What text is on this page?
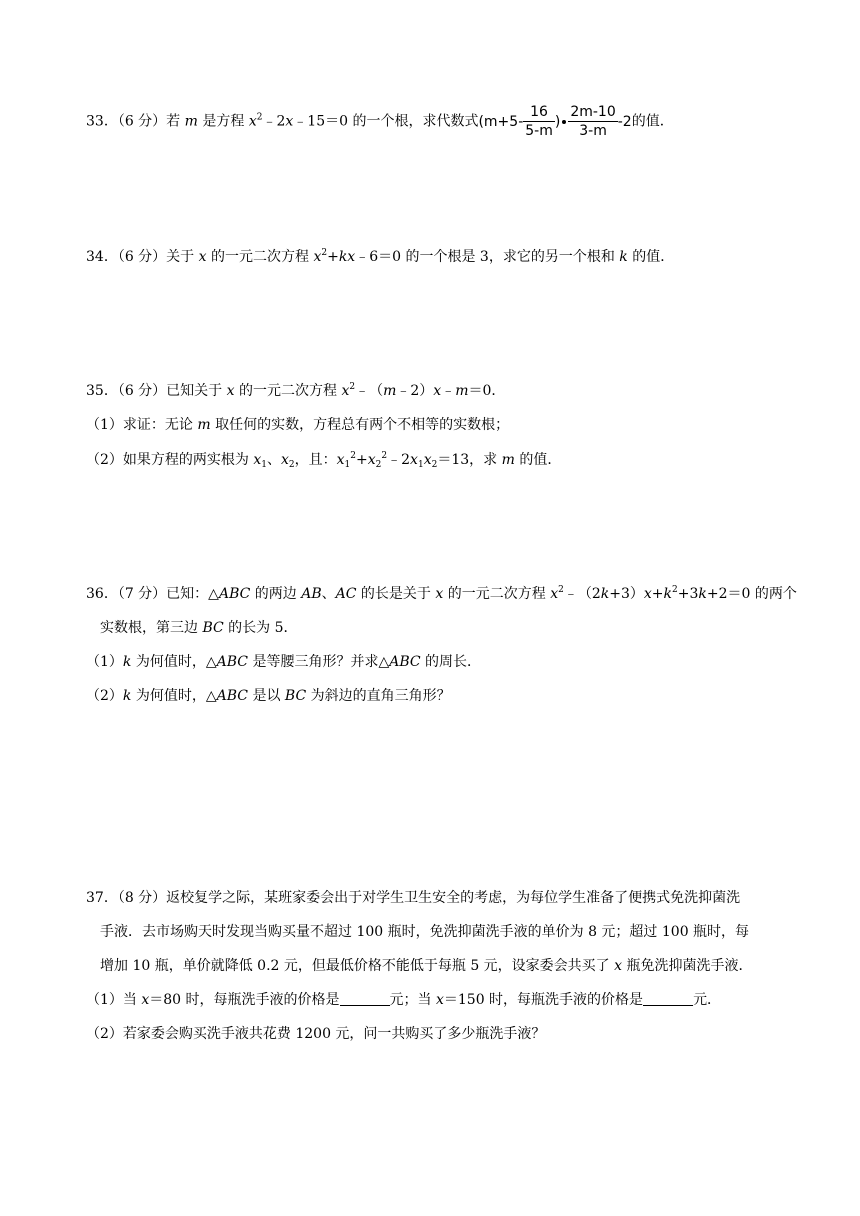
33．（6 分）若 m 是方程 $x^2﹣2x﹣15=0$ 的一个根，求代数式($m+5- \frac{16}{5-m}$ ) $\frac{2m-10}{3-m} -2$的值．
34．（6 分）关于 x 的一元二次方程 $x^2+kx﹣6=0$ 的一个根是 3，求它的另一个根和 k 的值．
35．（6 分）已知关于 x 的一元二次方程 $x^2﹣(m﹣2)x﹣m=0$．
（1）求证：无论 m 取任何的实数，方程总有两个不相等的实数根；
（2）如果方程的两实根为 $x_1$、$x_2$，且：$x_1^2+x_2^2﹣2x_1x_2=13$，求 m 的值．
36．（7 分）已知：△ABC 的两边 AB、AC 的长是关于 x 的一元二次方程 $x^2﹣(2k+3)x+k^2+3k+2=0$ 的两个
实数根，第三边 BC 的长为 5．
（1）k 为何值时，△ABC 是等腰三角形？并求△ABC 的周长．
（2）k 为何值时，△ABC 是以 BC 为斜边的直角三角形？
37．（8 分）返校复学之际，某班家委会出于对学生卫生安全的考虑，为每位学生准备了便携式免洗抑菌洗
手液．去市场购天时发现当购买量不超过 100 瓶时，免洗抑菌洗手液的单价为 8 元；超过 100 瓶时，每
增加 10 瓶，单价就降低 0.2 元，但最低价格不能低于每瓶 5 元，设家委会共买了 x 瓶免洗抑菌洗手液．
（1）当 x＝80 时，每瓶洗手液的价格是	元；当 x＝150 时，每瓶洗手液的价格是	元．
（2）若家委会购买洗手液共花费 1200 元，问一共购买了多少瓶洗手液？
